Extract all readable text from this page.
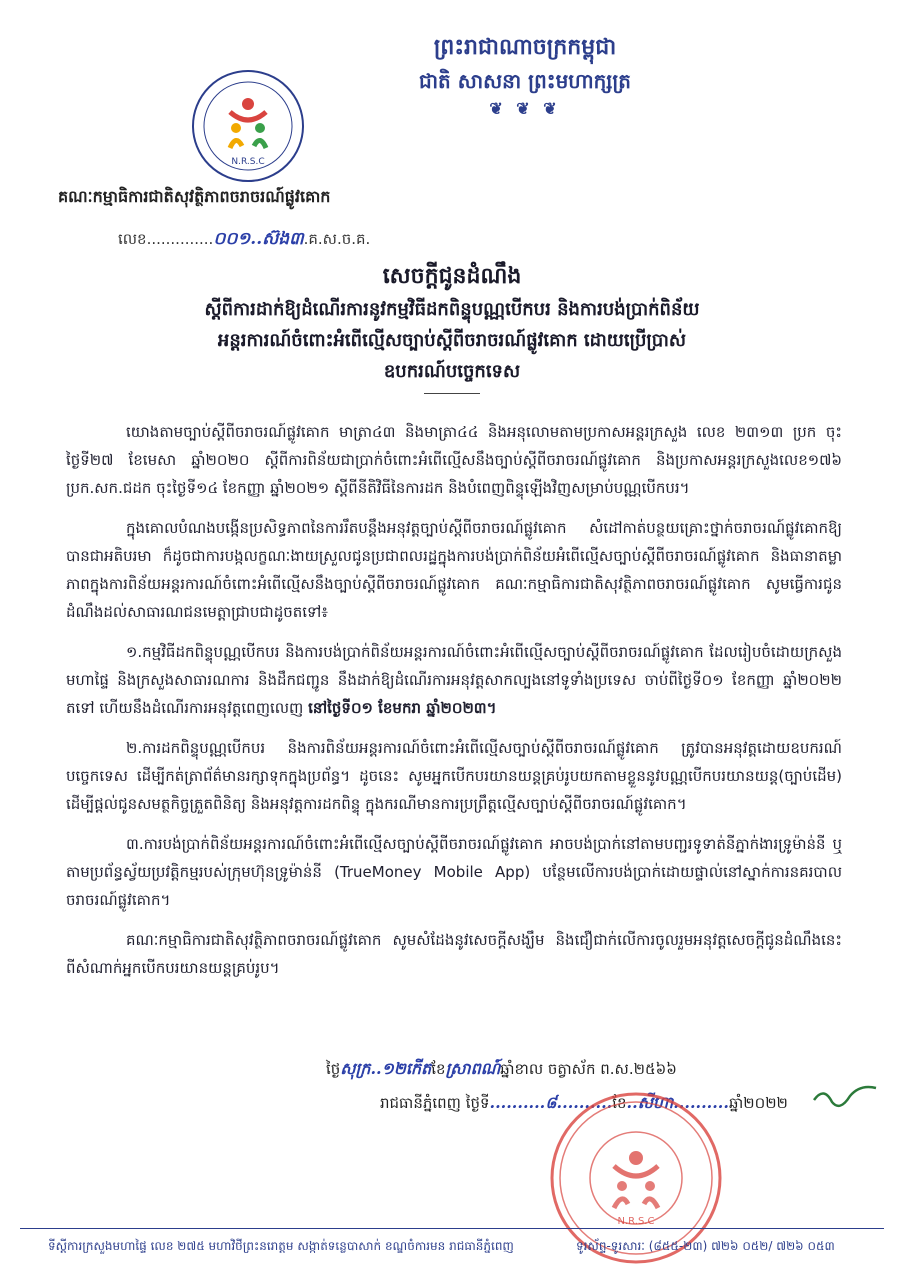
ព្រះរាជាណាចក្រកម្ពុជា
ជាតិ សាសនា ព្រះមហាក្សត្រ
❦ ❦ ❦
N.R.S.C
គណៈកម្មាធិការជាតិសុវត្ថិភាពចរាចរណ៍ផ្លូវគោក
លេខ..............០០១..ស៊ង៣.គ.ស.ច.គ.
សេចក្ដីជូនដំណឹង
ស្ដីពីការដាក់ឱ្យដំណើរការនូវកម្មវិធីដកពិន្ទុបណ្ណបើកបរ និងការបង់ប្រាក់ពិន័យ
អន្តរការណ៍ចំពោះអំពើល្មើសច្បាប់ស្តីពីចរាចរណ៍ផ្លូវគោក ដោយប្រើប្រាស់
ឧបករណ៍បច្ចេកទេស

យោងតាមច្បាប់ស្តីពីចរាចរណ៍ផ្លូវគោក មាត្រា៤៣ និងមាត្រា៤៤ និងអនុលោមតាមប្រកាសអន្តរក្រសួង លេខ ២៣១៣ ប្រក ចុះថ្ងៃទី២៧ ខែមេសា ឆ្នាំ២០២០ ស្តីពីការពិន័យជាប្រាក់ចំពោះអំពើល្មើសនឹងច្បាប់ស្តីពីចរាចរណ៍ផ្លូវគោក និងប្រកាសអន្តរក្រសួងលេខ១៧៦ ប្រក.សក.ជដក ចុះថ្ងៃទី១៤ ខែកញ្ញា ឆ្នាំ២០២១ ស្តីពីនីតិវិធីនៃការដក និងបំពេញពិន្ទុឡើងវិញសម្រាប់បណ្ណបើកបរ។

ក្នុងគោលបំណងបង្កើនប្រសិទ្ធភាពនៃការរឹតបន្តឹងអនុវត្តច្បាប់ស្តីពីចរាចរណ៍ផ្លូវគោក សំដៅកាត់បន្ថយគ្រោះថ្នាក់ចរាចរណ៍ផ្លូវគោកឱ្យបានជាអតិបរមា ក៏ដូចជាការបង្កលក្ខណៈងាយស្រួលជូនប្រជាពលរដ្ឋក្នុងការបង់ប្រាក់ពិន័យអំពើល្មើសច្បាប់ស្តីពីចរាចរណ៍ផ្លូវគោក និងធានាតម្លាភាពក្នុងការពិន័យអន្តរការណ៍ចំពោះអំពើល្មើសនឹងច្បាប់ស្តីពីចរាចរណ៍ផ្លូវគោក គណៈកម្មាធិការជាតិសុវត្ថិភាពចរាចរណ៍ផ្លូវគោក សូមធ្វើការជូនដំណឹងដល់សាធារណជនមេត្តាជ្រាបជាដូចតទៅ៖

១.កម្មវិធីដកពិន្ទុបណ្ណបើកបរ និងការបង់ប្រាក់ពិន័យអន្តរការណ៍ចំពោះអំពើល្មើសច្បាប់ស្តីពីចរាចរណ៍ផ្លូវគោក ដែលរៀបចំដោយក្រសួងមហាផ្ទៃ និងក្រសួងសាធារណការ និងដឹកជញ្ជូន នឹងដាក់ឱ្យដំណើរការអនុវត្តសាកល្បងនៅទូទាំងប្រទេស ចាប់ពីថ្ងៃទី០១ ខែកញ្ញា ឆ្នាំ២០២២ តទៅ ហើយនឹងដំណើរការអនុវត្តពេញលេញ នៅថ្ងៃទី០១ ខែមករា ឆ្នាំ២០២៣។

២.ការដកពិន្ទុបណ្ណបើកបរ និងការពិន័យអន្តរការណ៍ចំពោះអំពើល្មើសច្បាប់ស្តីពីចរាចរណ៍ផ្លូវគោក ត្រូវបានអនុវត្តដោយឧបករណ៍បច្ចេកទេស ដើម្បីកត់ត្រាព័ត៌មានរក្សាទុកក្នុងប្រព័ន្ធ។ ដូចនេះ សូមអ្នកបើកបរយានយន្តគ្រប់រូបយកតាមខ្លួននូវបណ្ណបើកបរយានយន្ត(ច្បាប់ដើម) ដើម្បីផ្ដល់ជូនសមត្ថកិច្ចត្រួតពិនិត្យ និងអនុវត្តការដកពិន្ទុ ក្នុងករណីមានការប្រព្រឹត្តល្មើសច្បាប់ស្តីពីចរាចរណ៍ផ្លូវគោក។

៣.ការបង់ប្រាក់ពិន័យអន្តរការណ៍ចំពោះអំពើល្មើសច្បាប់ស្តីពីចរាចរណ៍ផ្លូវគោក អាចបង់ប្រាក់នៅតាមបញ្ជរទូទាត់នីភ្នាក់ងារទ្រូម៉ាន់នី ឬ តាមប្រព័ន្ធស្វ័យប្រវត្តិកម្មរបស់ក្រុមហ៊ុនទ្រូម៉ាន់នី (TrueMoney Mobile App) បន្ថែមលើការបង់ប្រាក់ដោយផ្ទាល់នៅស្នាក់ការនគរបាលចរាចរណ៍ផ្លូវគោក។

គណៈកម្មាធិការជាតិសុវត្ថិភាពចរាចរណ៍ផ្លូវគោក សូមសំដែងនូវសេចក្ដីសង្ឃឹម និងជឿជាក់លើការចូលរួមអនុវត្តសេចក្ដីជូនដំណឹងនេះ ពីសំណាក់អ្នកបើកបរយានយន្តគ្រប់រូប។

ថ្ងៃសុក្រ..១២កើតខែស្រាពណ៍ឆ្នាំខាល ចត្វាស័ក ព.ស.២៥៦៦
រាជធានីភ្នំពេញ ថ្ងៃទី..........៨..........ខែ..សីហា..........ឆ្នាំ២០២២
N.R.S.C
ទីស្តីការក្រសួងមហាផ្ទៃ លេខ ២៧៥ មហាវិថីព្រះនរោត្តម សង្កាត់ទន្លេបាសាក់ ខណ្ឌចំការមន រាជធានីភ្នំពេញ	ទូរស័ព្ទ-ទូរសារៈ (៨៥៥-២៣) ៧២៦ ០៥២/ ៧២៦ ០៥៣
